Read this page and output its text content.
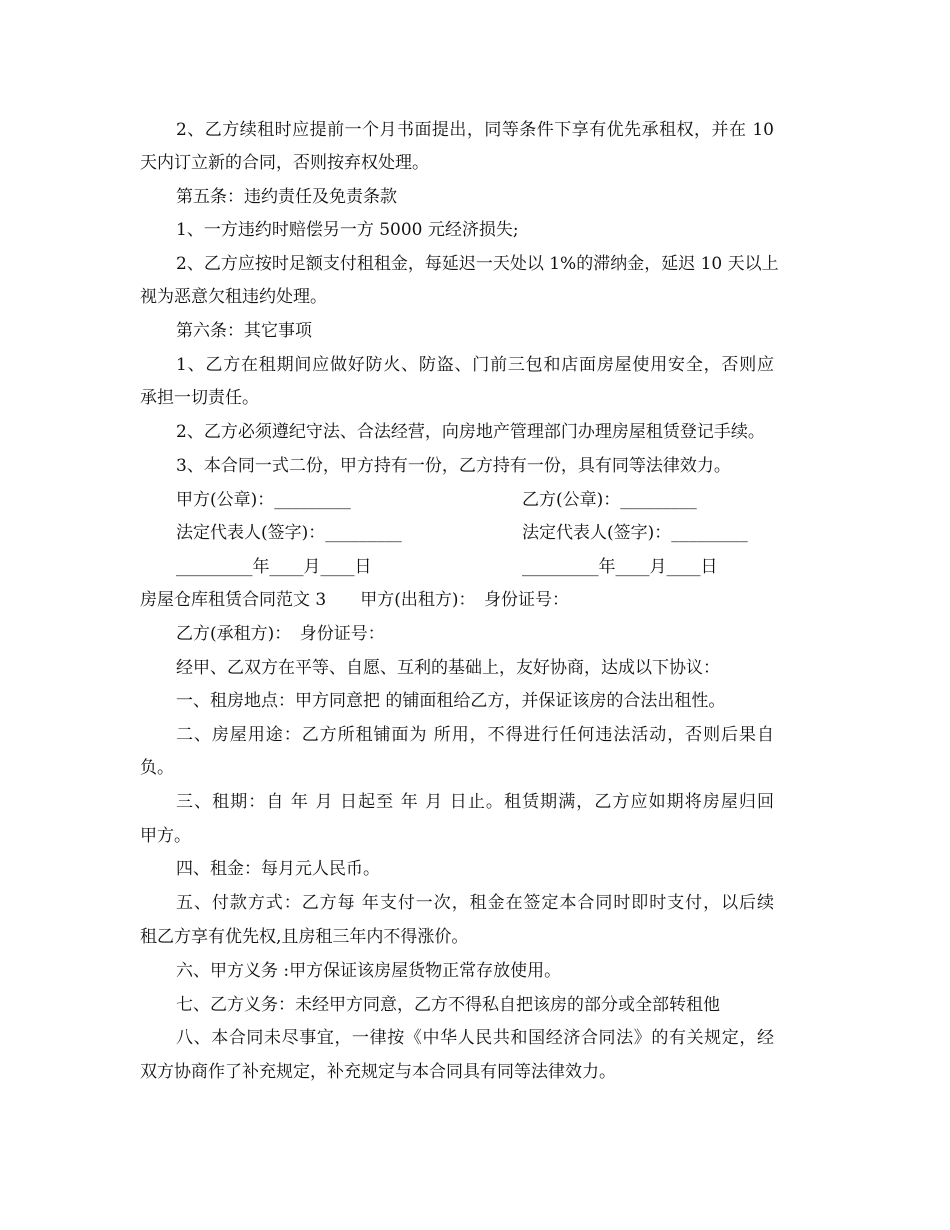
2、乙方续租时应提前一个月书面提出，同等条件下享有优先承租权，并在 10
天内订立新的合同，否则按弃权处理。
第五条：违约责任及免责条款
1、一方违约时赔偿另一方 5000 元经济损失;
2、乙方应按时足额支付租租金，每延迟一天处以 1%的滞纳金，延迟 10 天以上
视为恶意欠租违约处理。
第六条：其它事项
1、乙方在租期间应做好防火、防盗、门前三包和店面房屋使用安全，否则应
承担一切责任。
2、乙方必须遵纪守法、合法经营，向房地产管理部门办理房屋租赁登记手续。
3、本合同一式二份，甲方持有一份，乙方持有一份，具有同等法律效力。
甲方(公章)：_________	乙方(公章)：_________
法定代表人(签字)：_________	法定代表人(签字)：_________
_________年____月____日	_________年____月____日
房屋仓库租赁合同范文 3　　甲方(出租方)：　身份证号：
乙方(承租方)：　身份证号：
经甲、乙双方在平等、自愿、互利的基础上，友好协商，达成以下协议：
一、租房地点：甲方同意把 的铺面租给乙方，并保证该房的合法出租性。
二、房屋用途：乙方所租铺面为 所用，不得进行任何违法活动，否则后果自
负。
三、租期：自 年 月 日起至 年 月 日止。租赁期满，乙方应如期将房屋归回
甲方。
四、租金：每月元人民币。
五、付款方式：乙方每 年支付一次，租金在签定本合同时即时支付，以后续
租乙方享有优先权,且房租三年内不得涨价。
六、甲方义务 :甲方保证该房屋货物正常存放使用。
七、乙方义务：未经甲方同意，乙方不得私自把该房的部分或全部转租他
八、本合同未尽事宜，一律按《中华人民共和国经济合同法》的有关规定，经
双方协商作了补充规定，补充规定与本合同具有同等法律效力。
